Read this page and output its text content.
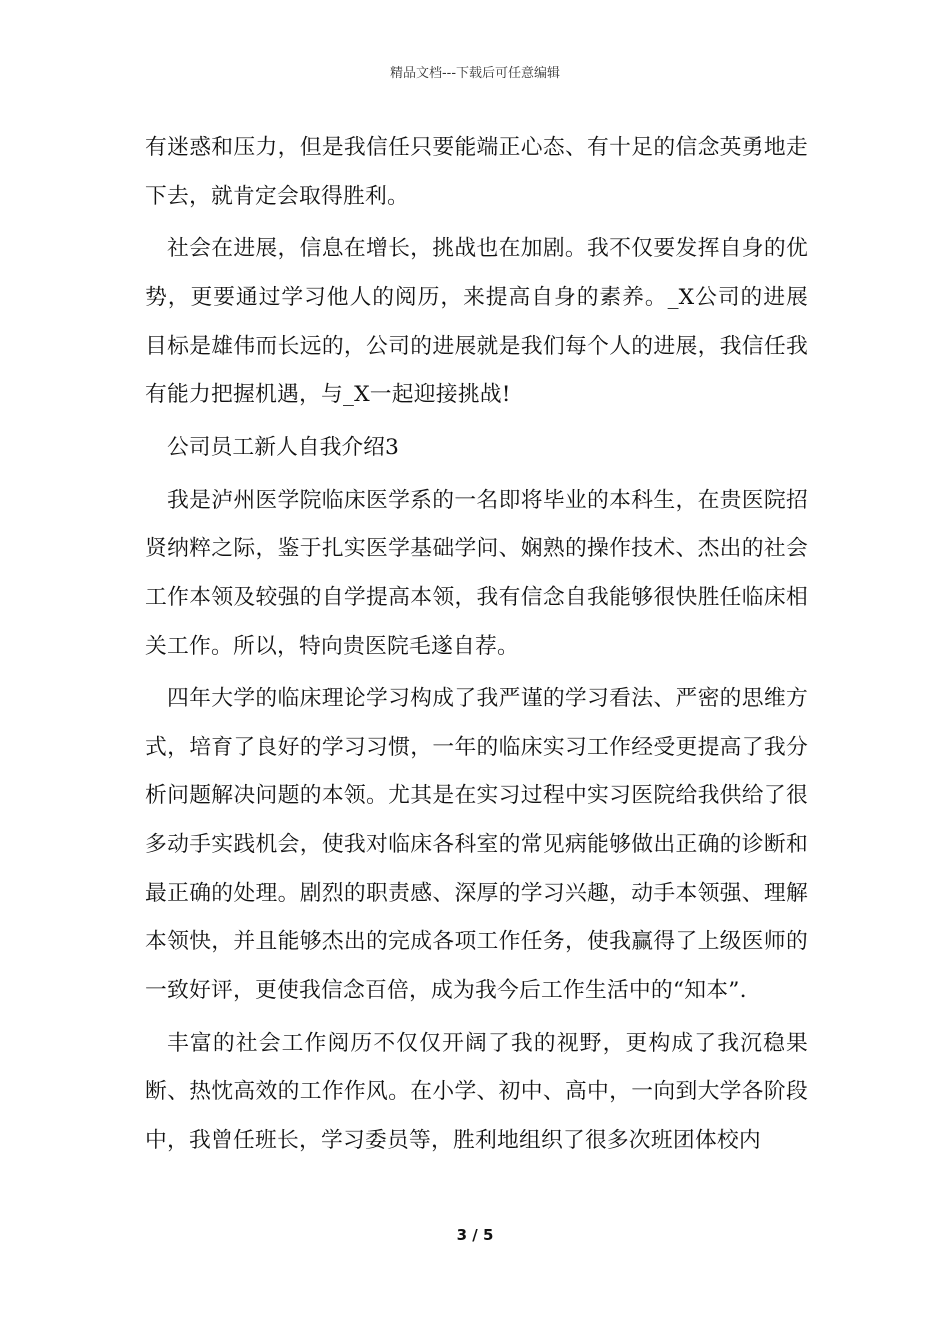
精品文档---下载后可任意编辑

有迷惑和压力，但是我信任只要能端正心态、有十足的信念英勇地走下去，就肯定会取得胜利。

社会在进展，信息在增长，挑战也在加剧。我不仅要发挥自身的优势，更要通过学习他人的阅历，来提高自身的素养。_X公司的进展目标是雄伟而长远的，公司的进展就是我们每个人的进展，我信任我有能力把握机遇，与_X一起迎接挑战!

公司员工新人自我介绍3

我是泸州医学院临床医学系的一名即将毕业的本科生，在贵医院招贤纳粹之际，鉴于扎实医学基础学问、娴熟的操作技术、杰出的社会工作本领及较强的自学提高本领，我有信念自我能够很快胜任临床相关工作。所以，特向贵医院毛遂自荐。

四年大学的临床理论学习构成了我严谨的学习看法、严密的思维方式，培育了良好的学习习惯，一年的临床实习工作经受更提高了我分析问题解决问题的本领。尤其是在实习过程中实习医院给我供给了很多动手实践机会，使我对临床各科室的常见病能够做出正确的诊断和最正确的处理。剧烈的职责感、深厚的学习兴趣，动手本领强、理解本领快，并且能够杰出的完成各项工作任务，使我赢得了上级医师的一致好评，更使我信念百倍，成为我今后工作生活中的“知本”.

丰富的社会工作阅历不仅仅开阔了我的视野，更构成了我沉稳果断、热忱高效的工作作风。在小学、初中、高中，一向到大学各阶段中，我曾任班长，学习委员等，胜利地组织了很多次班团体校内

3 / 5
